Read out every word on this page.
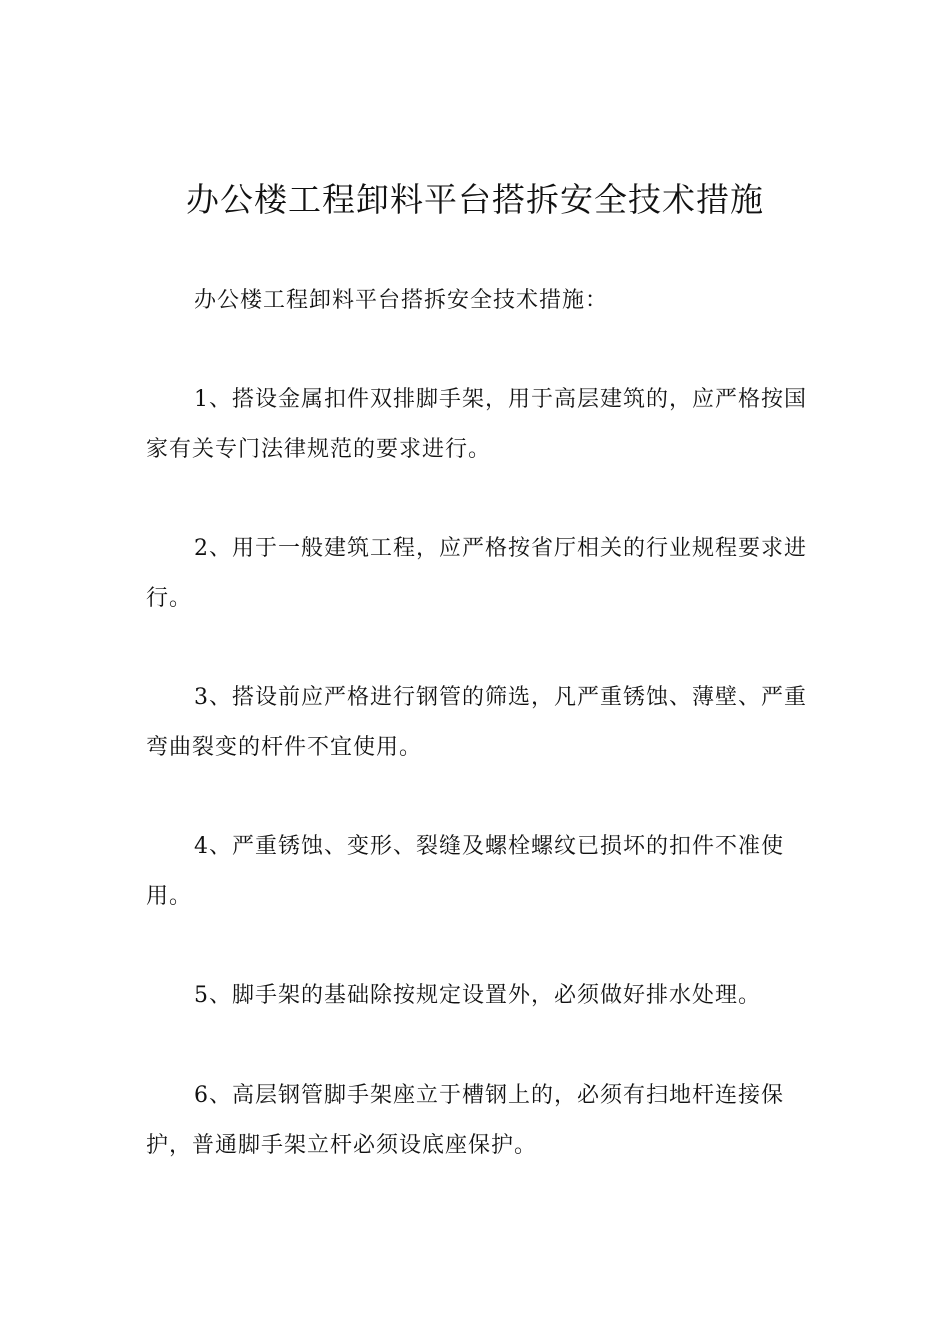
办公楼工程卸料平台搭拆安全技术措施

办公楼工程卸料平台搭拆安全技术措施：

1、搭设金属扣件双排脚手架，用于高层建筑的，应严格按国家有关专门法律规范的要求进行。

2、用于一般建筑工程，应严格按省厅相关的行业规程要求进行。

3、搭设前应严格进行钢管的筛选，凡严重锈蚀、薄壁、严重弯曲裂变的杆件不宜使用。

4、严重锈蚀、变形、裂缝及螺栓螺纹已损坏的扣件不准使用。

5、脚手架的基础除按规定设置外，必须做好排水处理。

6、高层钢管脚手架座立于槽钢上的，必须有扫地杆连接保护，普通脚手架立杆必须设底座保护。
